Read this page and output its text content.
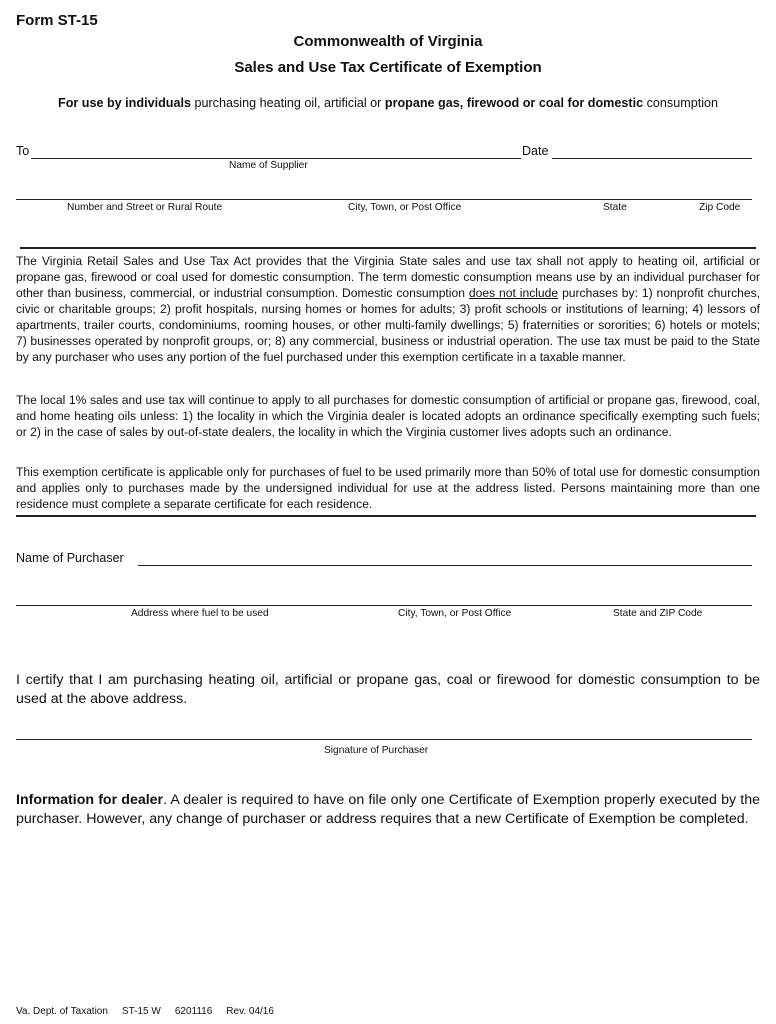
Form ST-15
Commonwealth of Virginia
Sales and Use Tax Certificate of Exemption
For use by individuals purchasing heating oil, artificial or propane gas, firewood or coal for domestic consumption
To	Date
Name of Supplier
Number and Street or Rural Route	City, Town, or Post Office	State	Zip Code

The Virginia Retail Sales and Use Tax Act provides that the Virginia State sales and use tax shall not apply to heating oil, artificial or propane gas, firewood or coal used for domestic consumption. The term domestic consumption means use by an individual purchaser for other than business, commercial, or industrial consumption. Domestic consumption does not include purchases by: 1) nonprofit churches, civic or charitable groups; 2) profit hospitals, nursing homes or homes for adults; 3) profit schools or institutions of learning; 4) lessors of apartments, trailer courts, condominiums, rooming houses, or other multi-family dwellings; 5) fraternities or sororities; 6) hotels or motels; 7) businesses operated by nonprofit groups, or; 8) any commercial, business or industrial operation. The use tax must be paid to the State by any purchaser who uses any portion of the fuel purchased under this exemption certificate in a taxable manner.

The local 1% sales and use tax will continue to apply to all purchases for domestic consumption of artificial or propane gas, firewood, coal, and home heating oils unless: 1) the locality in which the Virginia dealer is located adopts an ordinance specifically exempting such fuels; or 2) in the case of sales by out-of-state dealers, the locality in which the Virginia customer lives adopts such an ordinance.

This exemption certificate is applicable only for purchases of fuel to be used primarily more than 50% of total use for domestic consumption and applies only to purchases made by the undersigned individual for use at the address listed. Persons maintaining more than one residence must complete a separate certificate for each residence.

Name of Purchaser
Address where fuel to be used	City, Town, or Post Office	State and ZIP Code

I certify that I am purchasing heating oil, artificial or propane gas, coal or firewood for domestic consumption to be used at the above address.

Signature of Purchaser

Information for dealer. A dealer is required to have on file only one Certificate of Exemption properly executed by the purchaser. However, any change of purchaser or address requires that a new Certificate of Exemption be completed.

Va. Dept. of Taxation ST-15 W 6201116 Rev. 04/16
